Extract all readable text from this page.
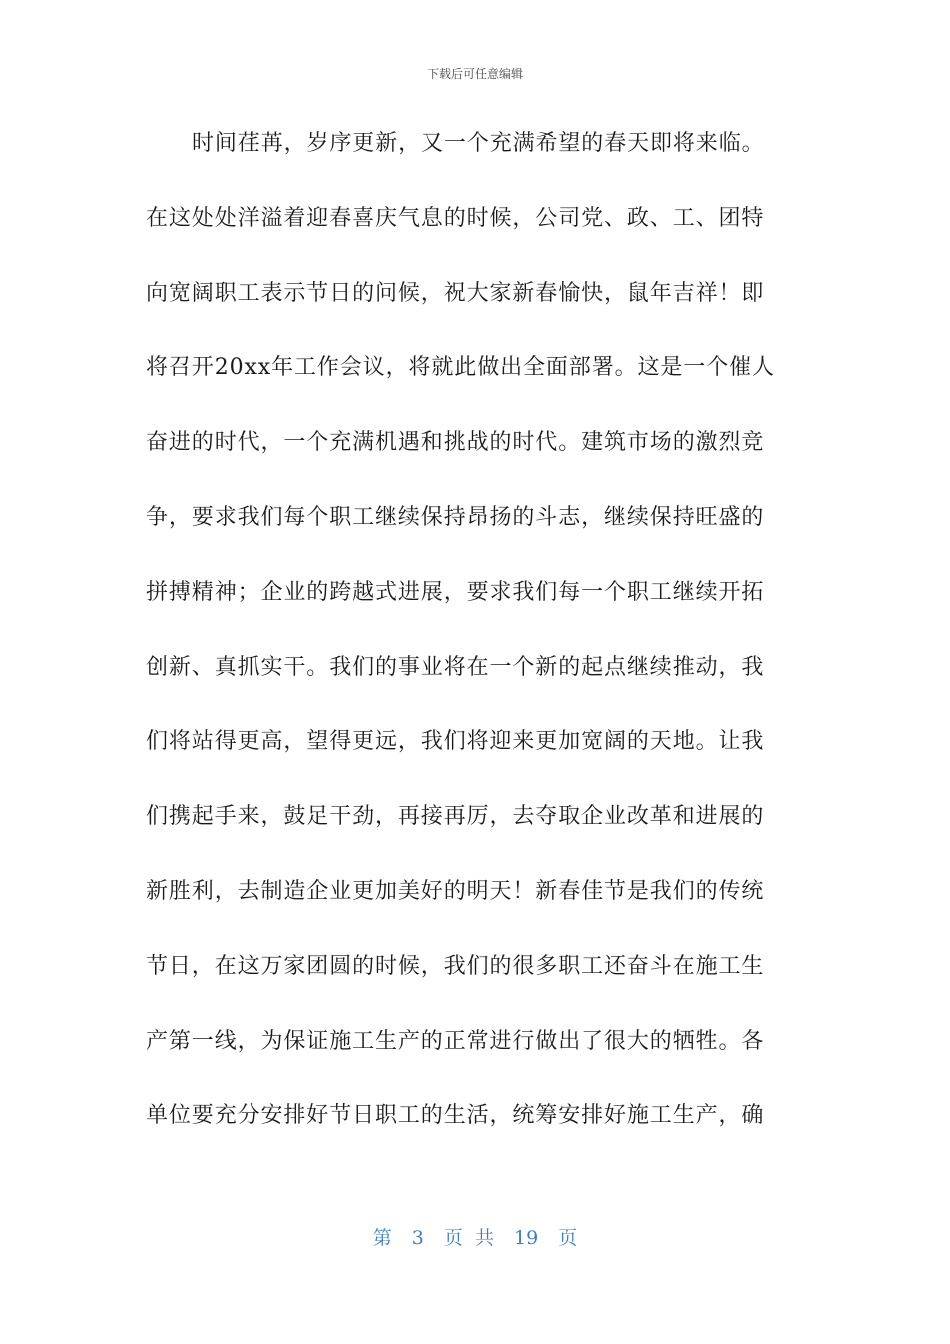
下载后可任意编辑
时间荏苒，岁序更新，又一个充满希望的春天即将来临。
在这处处洋溢着迎春喜庆气息的时候，公司党、政、工、团特
向宽阔职工表示节日的问候，祝大家新春愉快，鼠年吉祥！即
将召开20xx年工作会议，将就此做出全面部署。这是一个催人
奋进的时代，一个充满机遇和挑战的时代。建筑市场的激烈竞
争，要求我们每个职工继续保持昂扬的斗志，继续保持旺盛的
拼搏精神；企业的跨越式进展，要求我们每一个职工继续开拓
创新、真抓实干。我们的事业将在一个新的起点继续推动，我
们将站得更高，望得更远，我们将迎来更加宽阔的天地。让我
们携起手来，鼓足干劲，再接再厉，去夺取企业改革和进展的
新胜利，去制造企业更加美好的明天！新春佳节是我们的传统
节日，在这万家团圆的时候，我们的很多职工还奋斗在施工生
产第一线，为保证施工生产的正常进行做出了很大的牺牲。各
单位要充分安排好节日职工的生活，统筹安排好施工生产，确
第 3 页 共 19 页
